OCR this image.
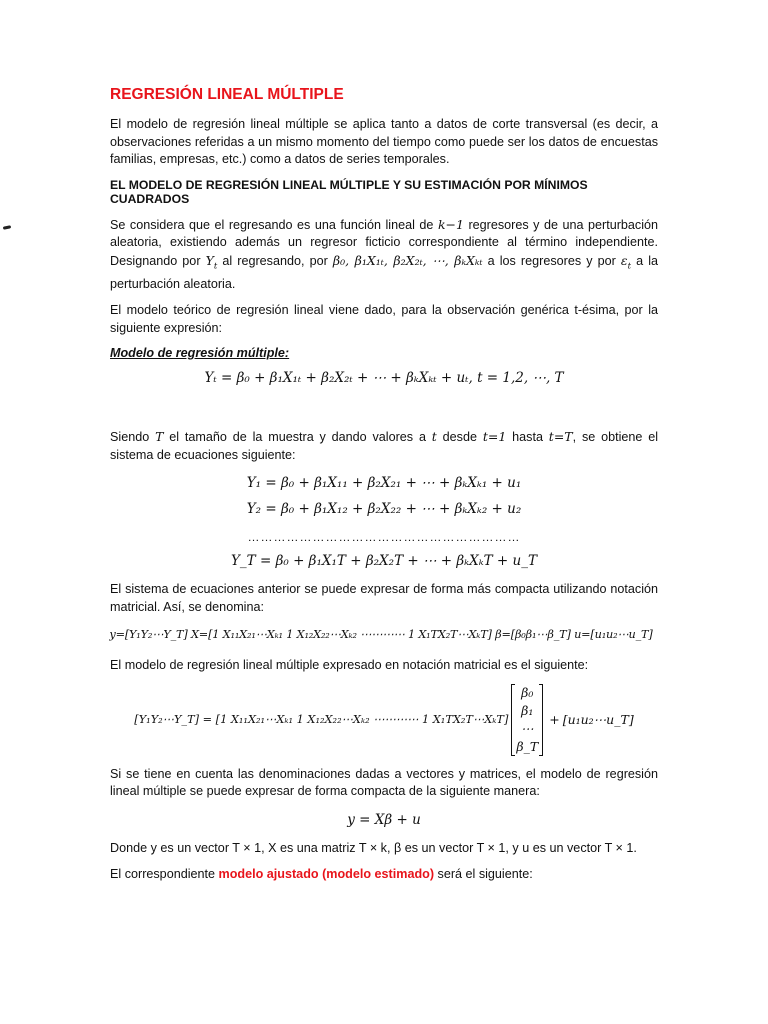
REGRESIÓN LINEAL MÚLTIPLE

El modelo de regresión lineal múltiple se aplica tanto a datos de corte transversal (es decir, a observaciones referidas a un mismo momento del tiempo como puede ser los datos de encuestas familias, empresas, etc.) como a datos de series temporales.

EL MODELO DE REGRESIÓN LINEAL MÚLTIPLE Y SU ESTIMACIÓN POR MÍNIMOS CUADRADOS

Se considera que el regresando es una función lineal de k−1 regresores y de una perturbación aleatoria, existiendo además un regresor ficticio correspondiente al término independiente. Designando por $Y_t$ al regresando, por β₀, β₁X₁ₜ, β₂X₂ₜ, ⋯, βₖXₖₜ a los regresores y por $\varepsilon_t$ a la perturbación aleatoria.

El modelo teórico de regresión lineal viene dado, para la observación genérica t-ésima, por la siguiente expresión:

Modelo de regresión múltiple:
Yₜ = β₀ + β₁X₁ₜ + β₂X₂ₜ + ⋯ + βₖXₖₜ + uₜ, t = 1,2, ⋯, T

Siendo T el tamaño de la muestra y dando valores a t desde t=1 hasta t=T, se obtiene el sistema de ecuaciones siguiente:

Y₁ = β₀ + β₁X₁₁ + β₂X₂₁ + ⋯ + βₖXₖ₁ + u₁
Y₂ = β₀ + β₁X₁₂ + β₂X₂₂ + ⋯ + βₖXₖ₂ + u₂
………………………………………………………
Y_T = β₀ + β₁X₁T + β₂X₂T + ⋯ + βₖXₖT + u_T

El sistema de ecuaciones anterior se puede expresar de forma más compacta utilizando notación matricial. Así, se denomina:

y=[Y₁Y₂⋯Y_T] X=[1 X₁₁X₂₁⋯Xₖ₁ 1 X₁₂X₂₂⋯Xₖ₂ ⋯⋯⋯⋯ 1 X₁TX₂T⋯XₖT] β=[β₀β₁⋯β_T] u=[u₁u₂⋯u_T]

El modelo de regresión lineal múltiple expresado en notación matricial es el siguiente:

[Y₁Y₂⋯Y_T] = [1 X₁₁X₂₁⋯Xₖ₁ 1 X₁₂X₂₂⋯Xₖ₂ ⋯⋯⋯⋯ 1 X₁TX₂T⋯XₖT]
β₀
β₁
⋯
β_T
+ [u₁u₂⋯u_T]

Si se tiene en cuenta las denominaciones dadas a vectores y matrices, el modelo de regresión lineal múltiple se puede expresar de forma compacta de la siguiente manera:

y = Xβ + u

Donde y es un vector T × 1, X es una matriz T × k, β es un vector T × 1, y u es un vector T × 1.

El correspondiente modelo ajustado (modelo estimado) será el siguiente:
